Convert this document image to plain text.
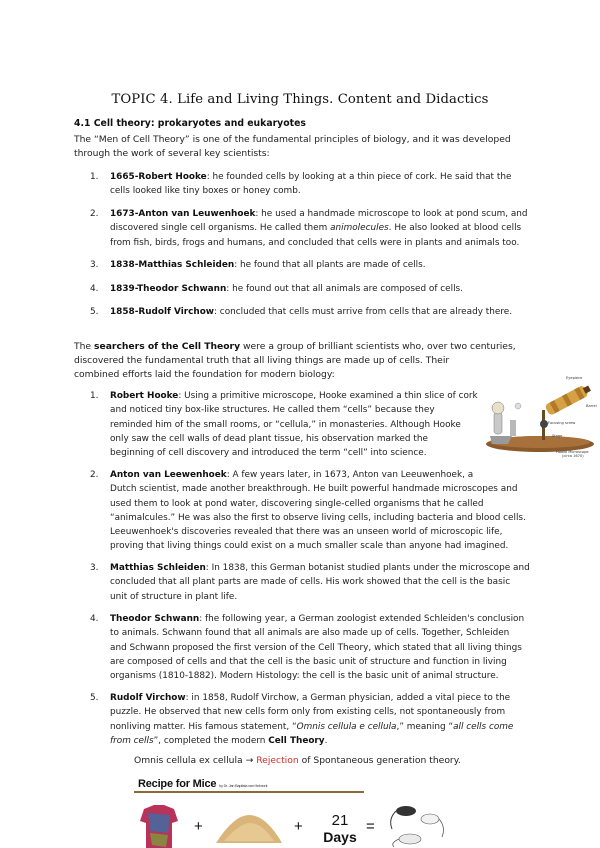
TOPIC 4. Life and Living Things. Content and Didactics
4.1 Cell theory: prokaryotes and eukaryotes
The “Men of Cell Theory” is one of the fundamental principles of biology, and it was developed
through the work of several key scientists:
1. 1665-Robert Hooke: he founded cells by looking at a thin piece of cork. He said that the
cells looked like tiny boxes or honey comb.
2. 1673-Anton van Leuwenhoek: he used a handmade microscope to look at pond scum, and
discovered single cell organisms. He called them animolecules. He also looked at blood cells
from fish, birds, frogs and humans, and concluded that cells were in plants and animals too.
3. 1838-Matthias Schleiden: he found that all plants are made of cells.
4. 1839-Theodor Schwann: he found out that all animals are composed of cells.
5. 1858-Rudolf Virchow: concluded that cells must arrive from cells that are already there.
The searchers of the Cell Theory were a group of brilliant scientists who, over two centuries,
discovered the fundamental truth that all living things are made up of cells. Their
combined efforts laid the foundation for modern biology:
1. Robert Hooke: Using a primitive microscope, Hooke examined a thin slice of cork
and noticed tiny box-like structures. He called them “cells” because they
reminded him of the small rooms, or “cellula,” in monasteries. Although Hooke
only saw the cell walls of dead plant tissue, his observation marked the
beginning of cell discovery and introduced the term “cell” into science.
Eyepiece
Barrel
Focusing screw
Stage
Hooke Microscope
(circa 1670)
2. Anton van Leewenhoek: A few years later, in 1673, Anton van Leeuwenhoek, a
Dutch scientist, made another breakthrough. He built powerful handmade microscopes and
used them to look at pond water, discovering single-celled organisms that he called
“animalcules.” He was also the first to observe living cells, including bacteria and blood cells.
Leeuwenhoek's discoveries revealed that there was an unseen world of microscopic life,
proving that living things could exist on a much smaller scale than anyone had imagined.
3. Matthias Schleiden: In 1838, this German botanist studied plants under the microscope and
concluded that all plant parts are made of cells. His work showed that the cell is the basic
unit of structure in plant life.
4. Theodor Schwann: fhe following year, a German zoologist extended Schleiden's conclusion
to animals. Schwann found that all animals are also made up of cells. Together, Schleiden
and Schwann proposed the first version of the Cell Theory, which stated that all living things
are composed of cells and that the cell is the basic unit of structure and function in living
organisms (1810-1882). Modern Histology: the cell is the basic unit of animal structure.
5. Rudolf Virchow: in 1858, Rudolf Virchow, a German physician, added a vital piece to the
puzzle. He observed that new cells form only from existing cells, not spontaneously from
nonliving matter. His famous statement, “Omnis cellula e cellula,” meaning “all cells come
from cells”, completed the modern Cell Theory.
Omnis cellula ex cellula → Rejection of Spontaneous generation theory.
Recipe for Mice by Dr. Jan Baptista van Helmont
+	+	21
Days
=
